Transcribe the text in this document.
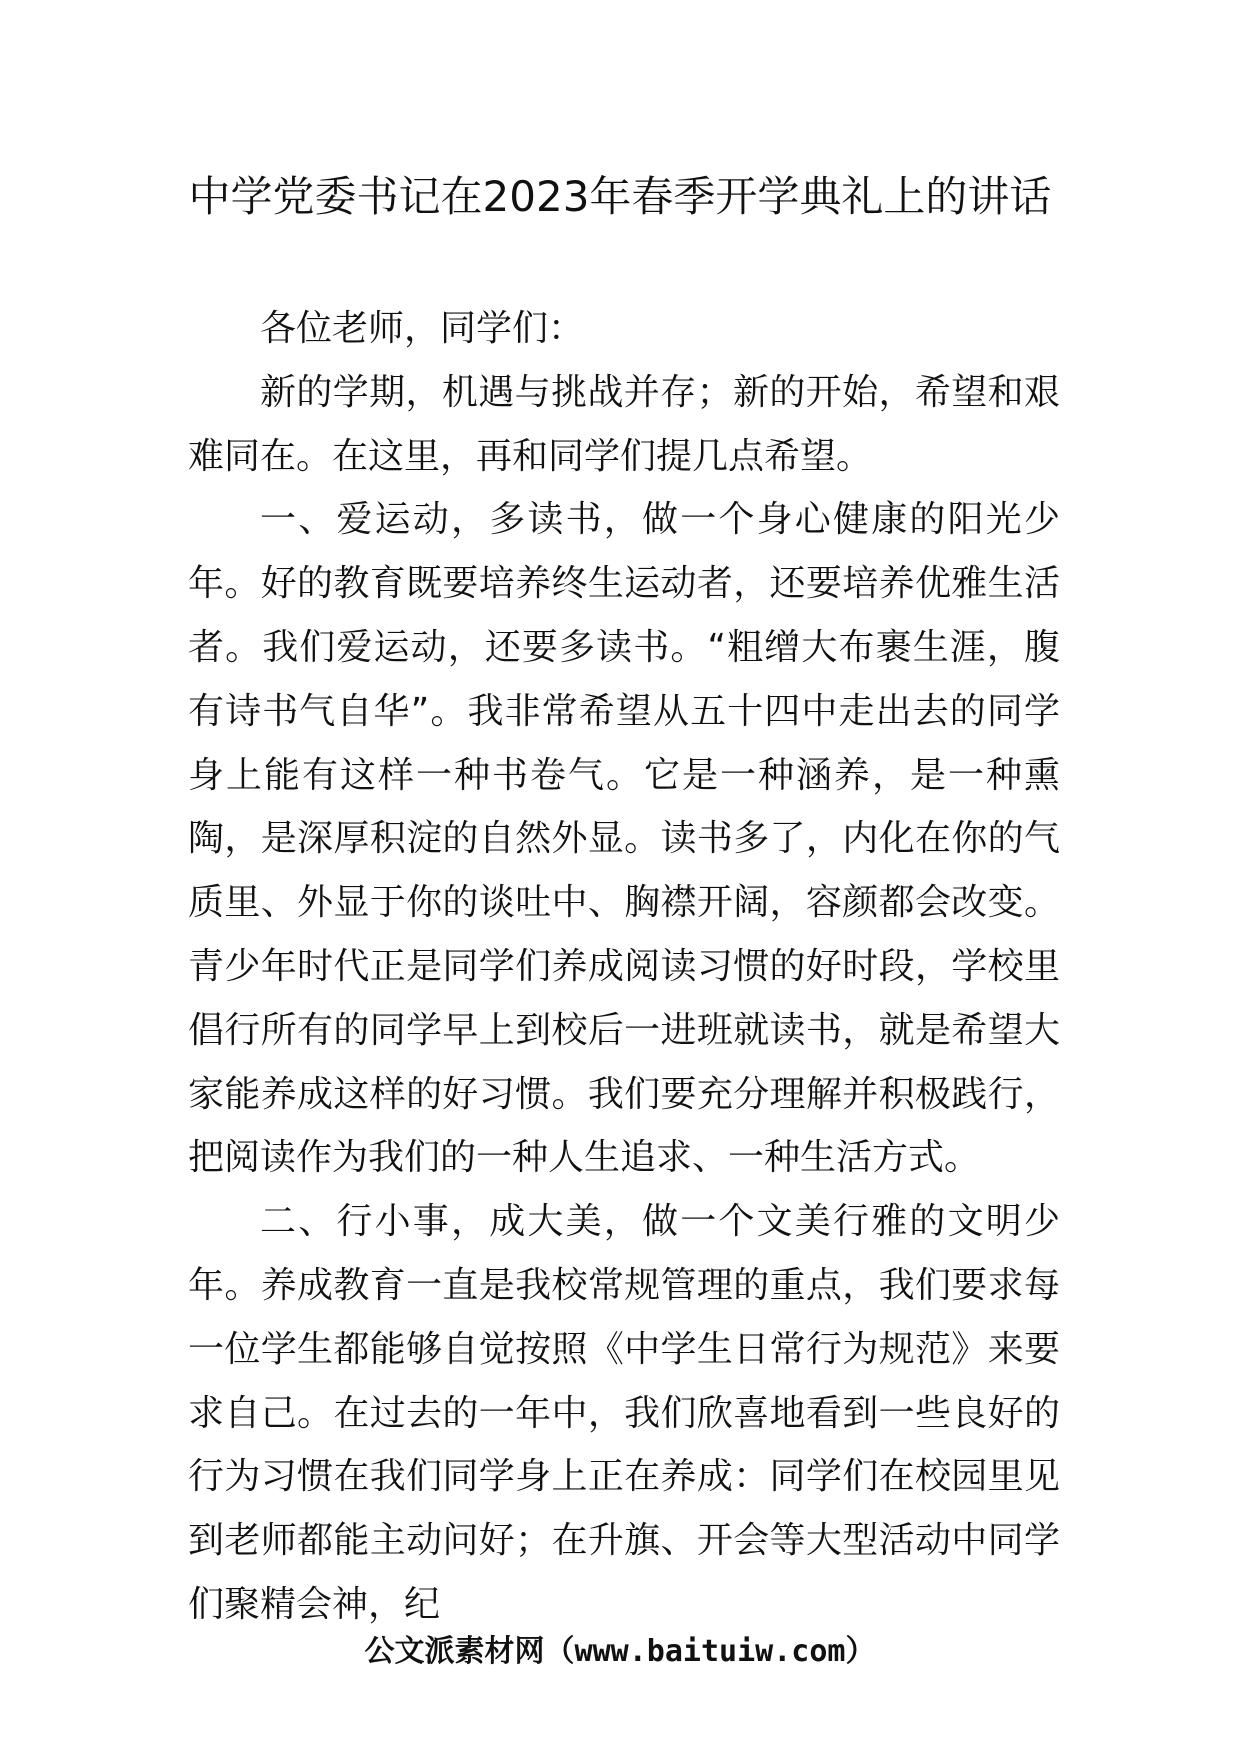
中学党委书记在2023年春季开学典礼上的讲话

各位老师，同学们：

新的学期，机遇与挑战并存；新的开始，希望和艰难同在。在这里，再和同学们提几点希望。

一、爱运动，多读书，做一个身心健康的阳光少年。好的教育既要培养终生运动者，还要培养优雅生活者。我们爱运动，还要多读书。“粗缯大布裹生涯，腹有诗书气自华”。我非常希望从五十四中走出去的同学身上能有这样一种书卷气。它是一种涵养，是一种熏陶，是深厚积淀的自然外显。读书多了，内化在你的气质里、外显于你的谈吐中、胸襟开阔，容颜都会改变。青少年时代正是同学们养成阅读习惯的好时段，学校里倡行所有的同学早上到校后一进班就读书，就是希望大家能养成这样的好习惯。我们要充分理解并积极践行，把阅读作为我们的一种人生追求、一种生活方式。

二、行小事，成大美，做一个文美行雅的文明少年。养成教育一直是我校常规管理的重点，我们要求每一位学生都能够自觉按照《中学生日常行为规范》来要求自己。在过去的一年中，我们欣喜地看到一些良好的行为习惯在我们同学身上正在养成：同学们在校园里见到老师都能主动问好；在升旗、开会等大型活动中同学们聚精会神，纪

公文派素材网（www.baituiw.com）
